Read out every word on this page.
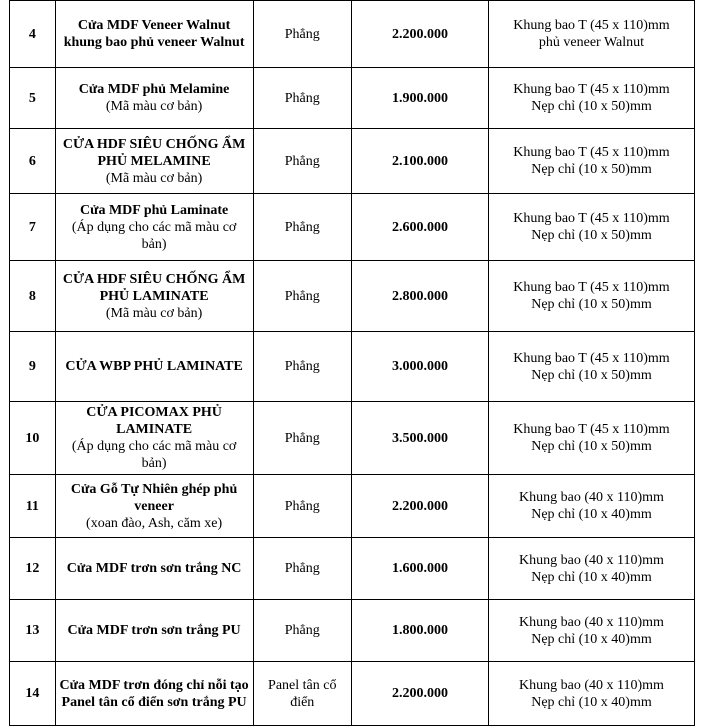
4	Cửa MDF Veneer Walnut khung bao phủ veneer Walnut	Phẳng	2.200.000	Khung bao T (45 x 110)mm
phủ veneer Walnut

5	Cửa MDF phủ Melamine
(Mã màu cơ bản)	Phẳng	1.900.000	Khung bao T (45 x 110)mm
Nẹp chỉ (10 x 50)mm

6	CỬA HDF SIÊU CHỐNG ẨM PHỦ MELAMINE
(Mã màu cơ bản)	Phẳng	2.100.000	Khung bao T (45 x 110)mm
Nẹp chỉ (10 x 50)mm

7	Cửa MDF phủ Laminate
(Áp dụng cho các mã màu cơ bản)	Phẳng	2.600.000	Khung bao T (45 x 110)mm
Nẹp chỉ (10 x 50)mm

8	CỬA HDF SIÊU CHỐNG ẨM PHỦ LAMINATE
(Mã màu cơ bản)	Phẳng	2.800.000	Khung bao T (45 x 110)mm
Nẹp chỉ (10 x 50)mm

9	CỬA WBP PHỦ LAMINATE	Phẳng	3.000.000	Khung bao T (45 x 110)mm
Nẹp chỉ (10 x 50)mm

10	CỬA PICOMAX PHỦ LAMINATE
(Áp dụng cho các mã màu cơ bản)	Phẳng	3.500.000	Khung bao T (45 x 110)mm
Nẹp chỉ (10 x 50)mm

11	Cửa Gỗ Tự Nhiên ghép phủ veneer
(xoan đào, Ash, căm xe)	Phẳng	2.200.000	Khung bao (40 x 110)mm
Nẹp chỉ (10 x 40)mm

12	Cửa MDF trơn sơn trắng NC	Phẳng	1.600.000	Khung bao (40 x 110)mm
Nẹp chỉ (10 x 40)mm

13	Cửa MDF trơn sơn trắng PU	Phẳng	1.800.000	Khung bao (40 x 110)mm
Nẹp chỉ (10 x 40)mm

14	Cửa MDF trơn đóng chỉ nỗi tạo Panel tân cổ điển sơn trắng PU	Panel tân cổ điển	2.200.000	Khung bao (40 x 110)mm
Nẹp chỉ (10 x 40)mm
